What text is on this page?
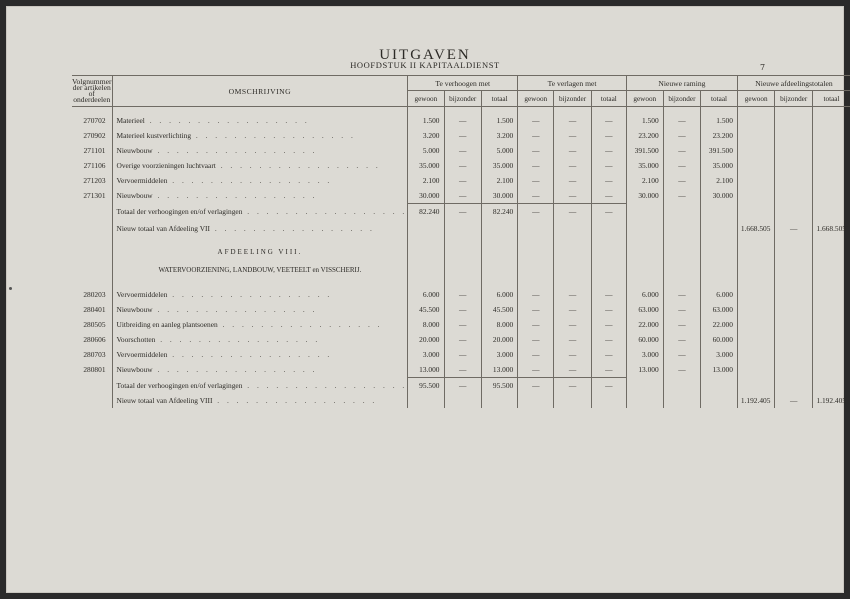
UITGAVEN
HOOFDSTUK II KAPITAALDIENST	7
Volgnummer der artikelen of onderdeelen	OMSCHRIJVING	Te verhoogen met			Te verlagen met			Nieuwe raming			Nieuwe afdeelingstotalen		
		gewoon	bijzonder	totaal	gewoon	bijzonder	totaal	gewoon	bijzonder	totaal	gewoon	bijzonder	totaal

270702	Materieel . . . . . . . . . . . . . . . . .	1.500	—	1.500	—	—	—	1.500	—	1.500			
270902	Materieel kustverlichting . . . . . . . . . . . . . . . . .	3.200	—	3.200	—	—	—	23.200	—	23.200			
271101	Nieuwbouw . . . . . . . . . . . . . . . . .	5.000	—	5.000	—	—	—	391.500	—	391.500			
271106	Overige voorzieningen luchtvaart . . . . . . . . . . . . . . . . .	35.000	—	35.000	—	—	—	35.000	—	35.000			
271203	Vervoermiddelen . . . . . . . . . . . . . . . . .	2.100	—	2.100	—	—	—	2.100	—	2.100			
271301	Nieuwbouw . . . . . . . . . . . . . . . . .	30.000	—	30.000	—	—	—	30.000	—	30.000			
	Totaal der verhoogingen en/of verlagingen . . . . . . . . . . . . . . . . .	82.240	—	82.240	—	—	—						
	Nieuw totaal van Afdeeling VII . . . . . . . . . . . . . . . . .										1.668.505	—	1.668.505
	AFDEELING VIII.												
	WATERVOORZIENING, LANDBOUW, VEETEELT en VISSCHERIJ.												

280203	Vervoermiddelen . . . . . . . . . . . . . . . . .	6.000	—	6.000	—	—	—	6.000	—	6.000			
280401	Nieuwbouw . . . . . . . . . . . . . . . . .	45.500	—	45.500	—	—	—	63.000	—	63.000			
280505	Uitbreiding en aanleg plantsoenen . . . . . . . . . . . . . . . . .	8.000	—	8.000	—	—	—	22.000	—	22.000			
280606	Voorschotten . . . . . . . . . . . . . . . . .	20.000	—	20.000	—	—	—	60.000	—	60.000			
280703	Vervoermiddelen . . . . . . . . . . . . . . . . .	3.000	—	3.000	—	—	—	3.000	—	3.000			
280801	Nieuwbouw . . . . . . . . . . . . . . . . .	13.000	—	13.000	—	—	—	13.000	—	13.000			
	Totaal der verhoogingen en/of verlagingen . . . . . . . . . . . . . . . . .	95.500	—	95.500	—	—	—						
	Nieuw totaal van Afdeeling VIII . . . . . . . . . . . . . . . . .										1.192.405	—	1.192.405
